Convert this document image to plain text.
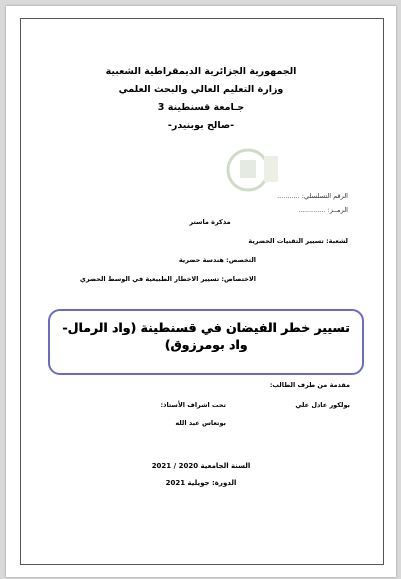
الجمهورية الجزائرية الديمقراطية الشعبية
وزارة التعليم العالي والبحث العلمي
جـامعة قسنطينة 3
-صالح بوبنيدر-
الرقم التسلسلي: ...........
الرمــز: .............
مذكرة ماستر
لشعبة: تسيير التقنيات الحضرية
التخصص: هندسة حضرية
الاختصاص: تسيير الاخطار الطبيعية في الوسط الحضري
تسيير خطر الفيضان في قسنطينة (واد الرمال-واد بومرزوق)
مقدمة من طرف الطالب:
بولكور عادل علي
تحت اشراف الأستاذ:
بوتعاس عبد الله
السنة الجامعية 2020 / 2021
الدورة: جويلية 2021
